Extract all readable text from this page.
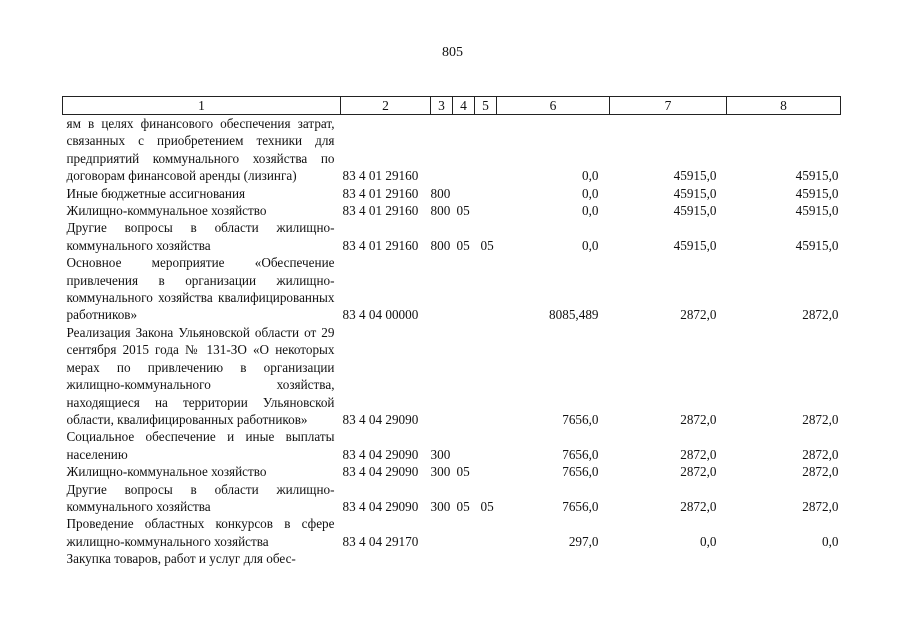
805
1	2	3	4	5	6	7	8
ям в целях финансового обеспечения затрат, связанных с приобретением техники для предприятий коммунального хозяйства по договорам финансовой аренды (лизинга)	83 4 01 29160				0,0	45915,0	45915,0
Иные бюджетные ассигнования	83 4 01 29160	800			0,0	45915,0	45915,0
Жилищно-коммунальное хозяйство	83 4 01 29160	800	05		0,0	45915,0	45915,0
Другие вопросы в области жилищно-коммунального хозяйства	83 4 01 29160	800	05	05	0,0	45915,0	45915,0
Основное мероприятие «Обеспечение привлечения в организации жилищно-коммунального хозяйства квалифицированных работников»	83 4 04 00000				8085,489	2872,0	2872,0
Реализация Закона Ульяновской области от 29 сентября 2015 года № 131-ЗО «О некоторых мерах по привлечению в организации жилищно-коммунального хозяйства, находящиеся на территории Ульяновской области, квалифицированных работников»	83 4 04 29090				7656,0	2872,0	2872,0
Социальное обеспечение и иные выплаты населению	83 4 04 29090	300			7656,0	2872,0	2872,0
Жилищно-коммунальное хозяйство	83 4 04 29090	300	05		7656,0	2872,0	2872,0
Другие вопросы в области жилищно-коммунального хозяйства	83 4 04 29090	300	05	05	7656,0	2872,0	2872,0
Проведение областных конкурсов в сфере жилищно-коммунального хозяйства	83 4 04 29170				297,0	0,0	0,0
Закупка товаров, работ и услуг для обес-							
